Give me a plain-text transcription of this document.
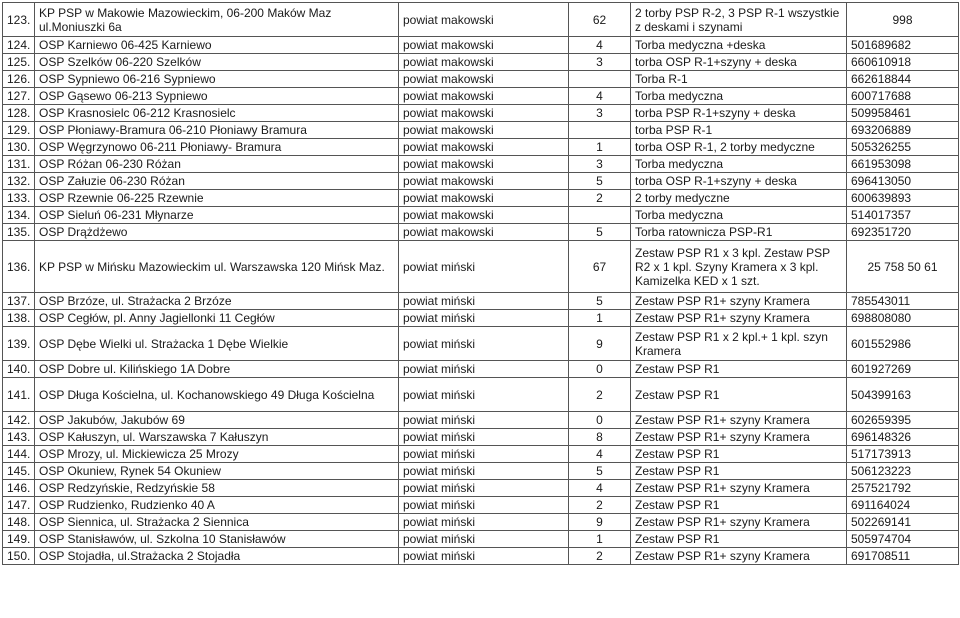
123.	KP PSP w Makowie Mazowieckim, 06-200 Maków Maz ul.Moniuszki 6a	powiat makowski	62	2 torby PSP R-2, 3 PSP R-1 wszystkie z deskami i szynami	998
124.	OSP Karniewo 06-425 Karniewo	powiat makowski	4	Torba medyczna +deska	501689682
125.	OSP Szelków 06-220 Szelków	powiat makowski	3	torba OSP R-1+szyny + deska	660610918
126.	OSP Sypniewo 06-216 Sypniewo	powiat makowski		Torba R-1	662618844
127.	OSP Gąsewo 06-213 Sypniewo	powiat makowski	4	Torba medyczna	600717688
128.	OSP Krasnosielc 06-212 Krasnosielc	powiat makowski	3	torba PSP R-1+szyny + deska	509958461
129.	OSP Płoniawy-Bramura 06-210 Płoniawy Bramura	powiat makowski		torba PSP R-1	693206889
130.	OSP Węgrzynowo 06-211 Płoniawy- Bramura	powiat makowski	1	torba OSP R-1, 2 torby medyczne	505326255
131.	OSP Różan 06-230 Różan	powiat makowski	3	Torba medyczna	661953098
132.	OSP Załuzie 06-230 Różan	powiat makowski	5	torba OSP R-1+szyny + deska	696413050
133.	OSP Rzewnie 06-225 Rzewnie	powiat makowski	2	2 torby medyczne	600639893
134.	OSP Sieluń 06-231 Młynarze	powiat makowski		Torba medyczna	514017357
135.	OSP Drążdżewo	powiat makowski	5	Torba ratownicza PSP-R1	692351720
136.	KP PSP w Mińsku Mazowieckim ul. Warszawska 120 Mińsk Maz.	powiat miński	67	Zestaw PSP R1 x 3 kpl. Zestaw PSP R2 x 1 kpl. Szyny Kramera x 3 kpl. Kamizelka KED x 1 szt.	25 758 50 61
137.	OSP Brzóze, ul. Strażacka 2 Brzóze	powiat miński	5	Zestaw PSP R1+ szyny Kramera	785543011
138.	OSP Cegłów, pl. Anny Jagiellonki 11 Cegłów	powiat miński	1	Zestaw PSP R1+ szyny Kramera	698808080
139.	OSP Dębe Wielki ul. Strażacka 1 Dębe Wielkie	powiat miński	9	Zestaw PSP R1 x 2 kpl.+ 1 kpl. szyn Kramera	601552986
140.	OSP Dobre ul. Kilińskiego 1A Dobre	powiat miński	0	Zestaw PSP R1	601927269
141.	OSP Długa Kościelna, ul. Kochanowskiego 49 Długa Kościelna	powiat miński	2	Zestaw PSP R1	504399163
142.	OSP Jakubów, Jakubów 69	powiat miński	0	Zestaw PSP R1+ szyny Kramera	602659395
143.	OSP Kałuszyn, ul. Warszawska 7 Kałuszyn	powiat miński	8	Zestaw PSP R1+ szyny Kramera	696148326
144.	OSP Mrozy, ul. Mickiewicza 25 Mrozy	powiat miński	4	Zestaw PSP R1	517173913
145.	OSP Okuniew, Rynek 54 Okuniew	powiat miński	5	Zestaw PSP R1	506123223
146.	OSP Redzyńskie, Redzyńskie 58	powiat miński	4	Zestaw PSP R1+ szyny Kramera	257521792
147.	OSP Rudzienko, Rudzienko 40 A	powiat miński	2	Zestaw PSP R1	691164024
148.	OSP Siennica, ul. Strażacka 2 Siennica	powiat miński	9	Zestaw PSP R1+ szyny Kramera	502269141
149.	OSP Stanisławów, ul. Szkolna 10 Stanisławów	powiat miński	1	Zestaw PSP R1	505974704
150.	OSP Stojadła, ul.Strażacka 2 Stojadła	powiat miński	2	Zestaw PSP R1+ szyny Kramera	691708511
